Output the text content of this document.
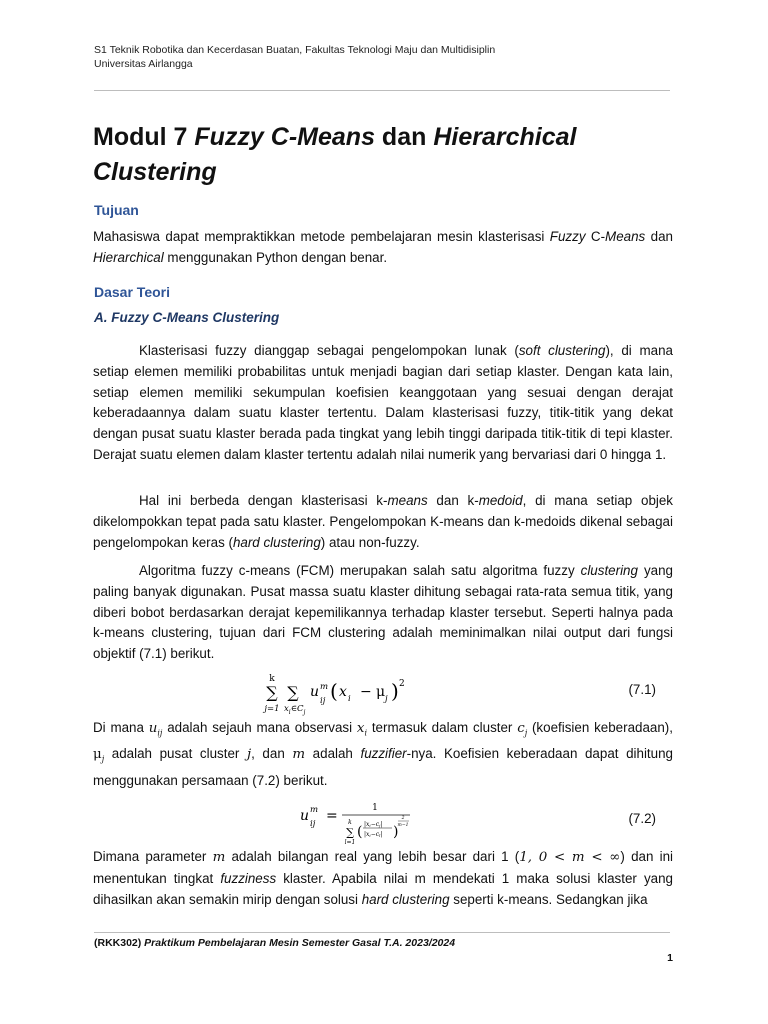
S1 Teknik Robotika dan Kecerdasan Buatan, Fakultas Teknologi Maju dan Multidisiplin
Universitas Airlangga
Modul 7 Fuzzy C-Means dan Hierarchical Clustering
Tujuan

Mahasiswa dapat mempraktikkan metode pembelajaran mesin klasterisasi Fuzzy C-Means dan Hierarchical menggunakan Python dengan benar.

Dasar Teori
A. Fuzzy C-Means Clustering

Klasterisasi fuzzy dianggap sebagai pengelompokan lunak (soft clustering), di mana setiap elemen memiliki probabilitas untuk menjadi bagian dari setiap klaster. Dengan kata lain, setiap elemen memiliki sekumpulan koefisien keanggotaan yang sesuai dengan derajat keberadaannya dalam suatu klaster tertentu. Dalam klasterisasi fuzzy, titik-titik yang dekat dengan pusat suatu klaster berada pada tingkat yang lebih tinggi daripada titik-titik di tepi klaster. Derajat suatu elemen dalam klaster tertentu adalah nilai numerik yang bervariasi dari 0 hingga 1.

Hal ini berbeda dengan klasterisasi k-means dan k-medoid, di mana setiap objek dikelompokkan tepat pada satu klaster. Pengelompokan K-means dan k-medoids dikenal sebagai pengelompokan keras (hard clustering) atau non-fuzzy.

Algoritma fuzzy c-means (FCM) merupakan salah satu algoritma fuzzy clustering yang paling banyak digunakan. Pusat massa suatu klaster dihitung sebagai rata-rata semua titik, yang diberi bobot berdasarkan derajat kepemilikannya terhadap klaster tersebut. Seperti halnya pada k-means clustering, tujuan dari FCM clustering adalah meminimalkan nilai output dari fungsi objektif (7.1) berikut.

k
∑
j=1
∑
$x_i\in C_j$
u m
ij ( x i − μ j ) 2	(7.1)

Di mana $u_{ij}$ adalah sejauh mana observasi $x_i$ termasuk dalam cluster $c_j$ (koefisien keberadaan), $\mu_j$ adalah pusat cluster j, dan m adalah fuzzifier-nya. Koefisien keberadaan dapat dihitung menggunakan persamaan (7.2) berikut.

u m
ij =	1
k
∑
l=1
( |xi−cj|
|xi−cl| )
2
m−1	(7.2)

Dimana parameter m adalah bilangan real yang lebih besar dari 1 (1, 0 < m < ∞) dan ini menentukan tingkat fuzziness klaster. Apabila nilai m mendekati 1 maka solusi klaster yang dihasilkan akan semakin mirip dengan solusi hard clustering seperti k-means. Sedangkan jika

(RKK302) Praktikum Pembelajaran Mesin Semester Gasal T.A. 2023/2024
1
